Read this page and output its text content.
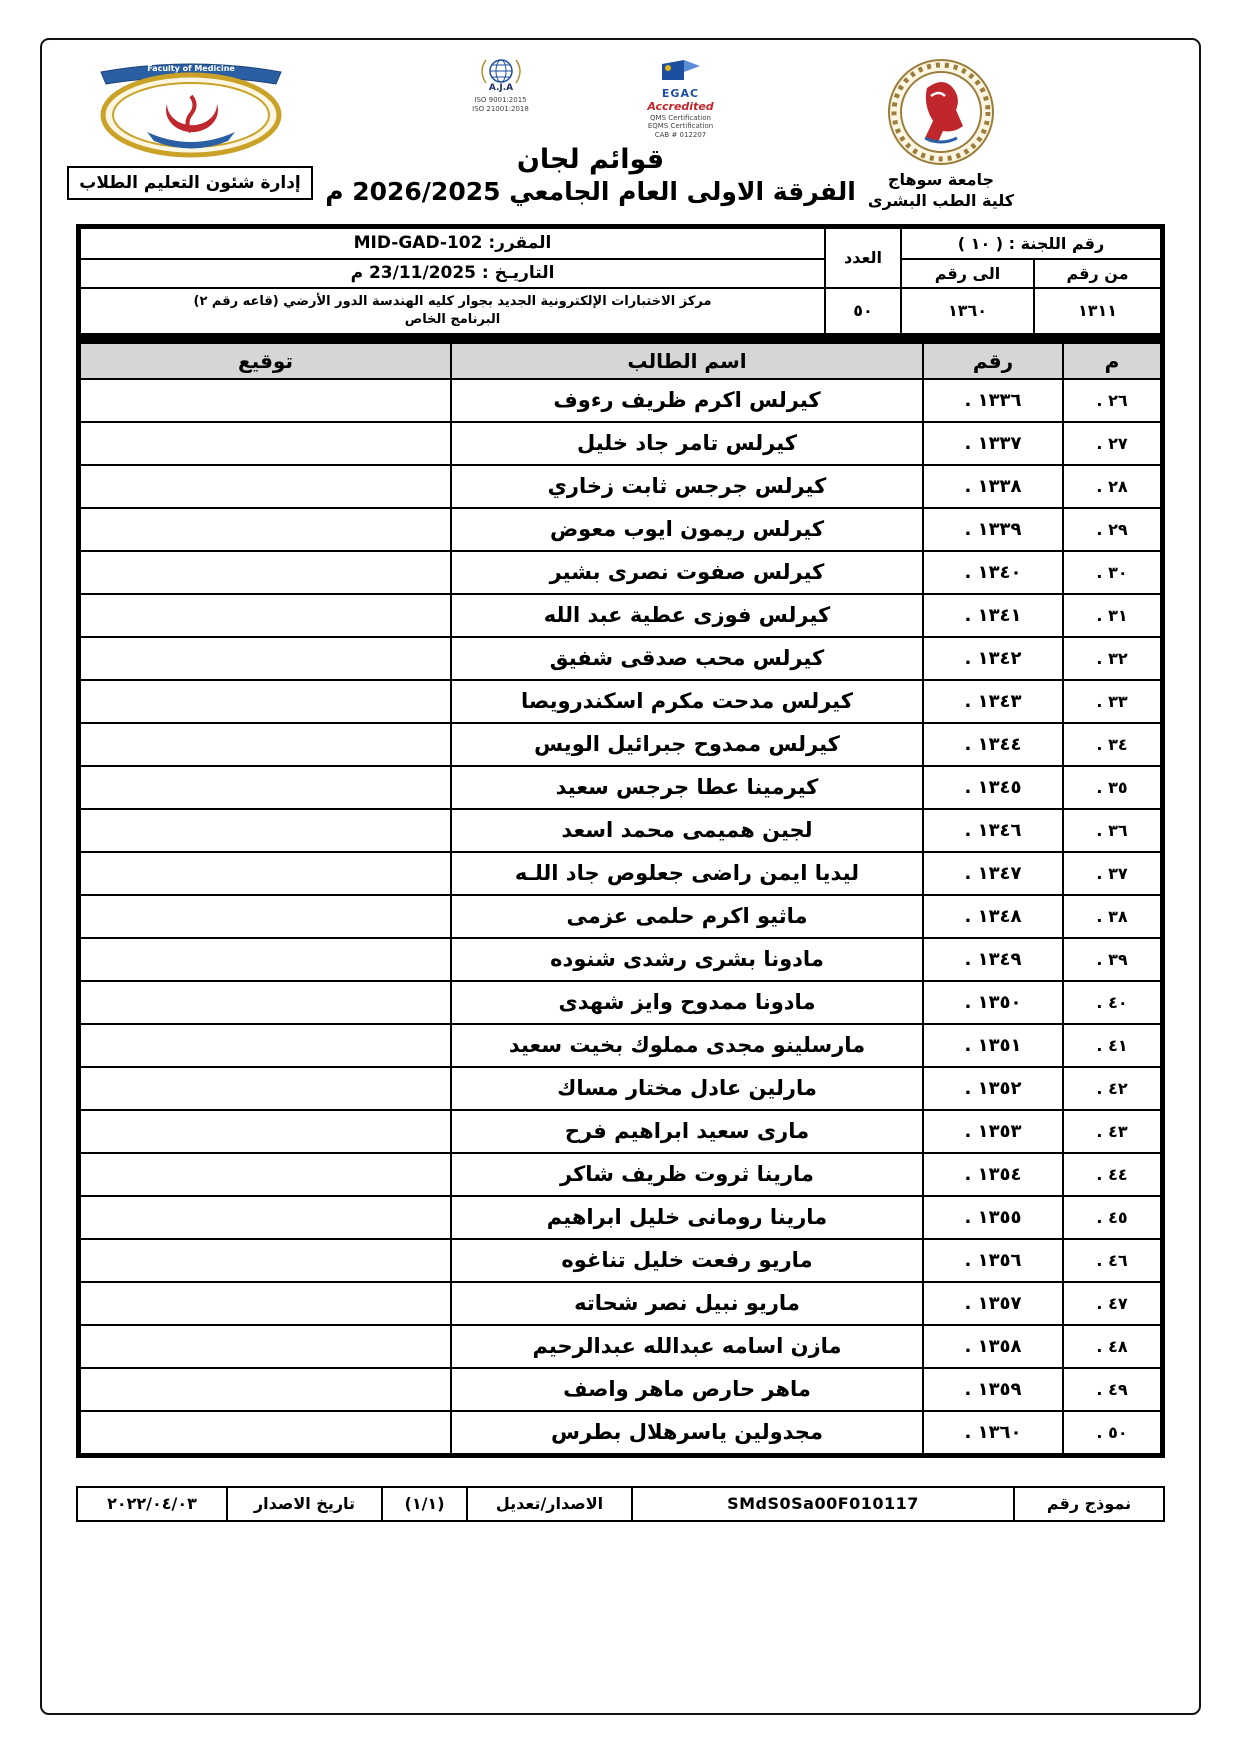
جامعة سوهاج
كلية الطب البشرى
EGAC
Accredited
QMS Certification
EQMS Certification
CAB # 012207
A.J.A
ISO 9001:2015
ISO 21001:2018
قوائم لجان
الفرقة الاولى العام الجامعي 2026/2025 م
Faculty of Medicine
إدارة شئون التعليم الطلاب
رقم اللجنة : ( ١٠ )		العدد	المقرر: MID-GAD-102
من رقم	الى رقم		التاريـخ : 23/11/2025 م
١٣١١	١٣٦٠	٥٠	مركز الاختبارات الإلكترونية الجديد بجوار كليه الهندسة الدور الأرضي (قاعه رقم ٢)
البرنامج الخاص
م	رقم	اسم الطالب	توقيع
٢٦ .	١٣٣٦ .	كيرلس اكرم ظريف رءوف	
٢٧ .	١٣٣٧ .	كيرلس تامر جاد خليل	
٢٨ .	١٣٣٨ .	كيرلس جرجس ثابت زخاري	
٢٩ .	١٣٣٩ .	كيرلس ريمون ايوب معوض	
٣٠ .	١٣٤٠ .	كيرلس صفوت نصرى بشير	
٣١ .	١٣٤١ .	كيرلس فوزى عطية عبد الله	
٣٢ .	١٣٤٢ .	كيرلس محب صدقى شفيق	
٣٣ .	١٣٤٣ .	كيرلس مدحت مكرم اسكندرويصا	
٣٤ .	١٣٤٤ .	كيرلس ممدوح جبرائيل الويس	
٣٥ .	١٣٤٥ .	كيرمينا عطا جرجس سعيد	
٣٦ .	١٣٤٦ .	لجين هميمى محمد اسعد	
٣٧ .	١٣٤٧ .	ليديا ايمن راضى جعلوص جاد اللـه	
٣٨ .	١٣٤٨ .	ماثيو اكرم حلمى عزمى	
٣٩ .	١٣٤٩ .	مادونا بشرى رشدى شنوده	
٤٠ .	١٣٥٠ .	مادونا ممدوح وايز شهدى	
٤١ .	١٣٥١ .	مارسلينو مجدى مملوك بخيت سعيد	
٤٢ .	١٣٥٢ .	مارلين عادل مختار مساك	
٤٣ .	١٣٥٣ .	مارى سعيد ابراهيم فرح	
٤٤ .	١٣٥٤ .	مارينا ثروت ظريف شاكر	
٤٥ .	١٣٥٥ .	مارينا رومانى خليل ابراهيم	
٤٦ .	١٣٥٦ .	ماريو رفعت خليل تناغوه	
٤٧ .	١٣٥٧ .	ماريو نبيل نصر شحاته	
٤٨ .	١٣٥٨ .	مازن اسامه عبدالله عبدالرحيم	
٤٩ .	١٣٥٩ .	ماهر حارص ماهر واصف	
٥٠ .	١٣٦٠ .	مجدولين ياسرهلال بطرس	
نموذج رقم	SMdS0Sa00F010117	الاصدار/تعديل	(١/١)	تاريخ الاصدار	٢٠٢٢/٠٤/٠٣
